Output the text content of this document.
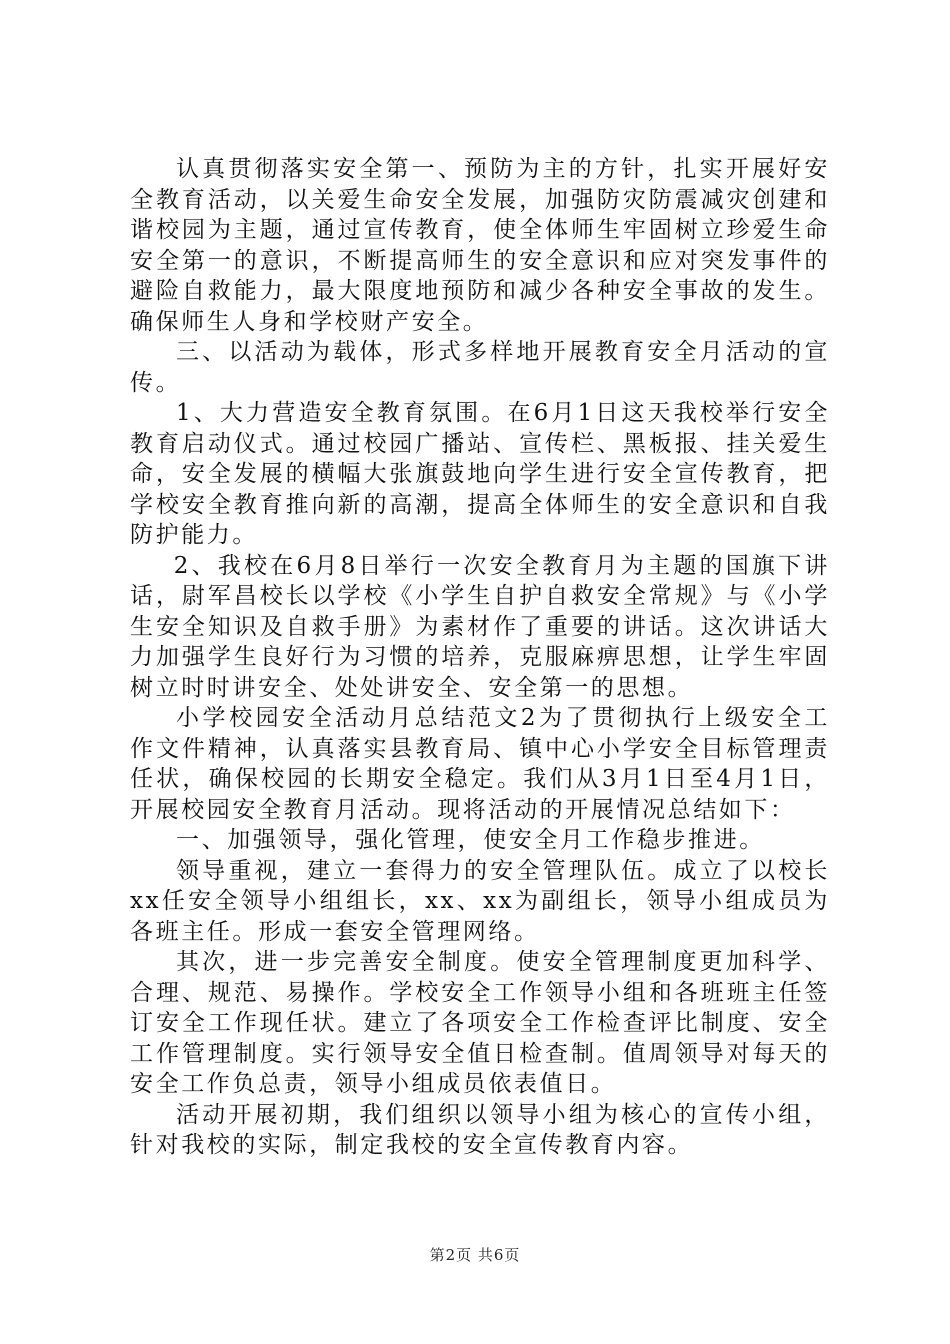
认真贯彻落实安全第一、预防为主的方针，扎实开展好安全教育活动，以关爱生命安全发展，加强防灾防震减灾创建和谐校园为主题，通过宣传教育，使全体师生牢固树立珍爱生命安全第一的意识，不断提高师生的安全意识和应对突发事件的避险自救能力，最大限度地预防和减少各种安全事故的发生。确保师生人身和学校财产安全。

三、以活动为载体，形式多样地开展教育安全月活动的宣传。

1、大力营造安全教育氛围。在6月1日这天我校举行安全教育启动仪式。通过校园广播站、宣传栏、黑板报、挂关爱生命，安全发展的横幅大张旗鼓地向学生进行安全宣传教育，把学校安全教育推向新的高潮，提高全体师生的安全意识和自我防护能力。

2、我校在6月8日举行一次安全教育月为主题的国旗下讲话，尉军昌校长以学校《小学生自护自救安全常规》与《小学生安全知识及自救手册》为素材作了重要的讲话。这次讲话大力加强学生良好行为习惯的培养，克服麻痹思想，让学生牢固树立时时讲安全、处处讲安全、安全第一的思想。

小学校园安全活动月总结范文2为了贯彻执行上级安全工作文件精神，认真落实县教育局、镇中心小学安全目标管理责任状，确保校园的长期安全稳定。我们从3月1日至4月1日，开展校园安全教育月活动。现将活动的开展情况总结如下：

一、加强领导，强化管理，使安全月工作稳步推进。

领导重视，建立一套得力的安全管理队伍。成立了以校长xx任安全领导小组组长，xx、xx为副组长，领导小组成员为各班主任。形成一套安全管理网络。

其次，进一步完善安全制度。使安全管理制度更加科学、合理、规范、易操作。学校安全工作领导小组和各班班主任签订安全工作现任状。建立了各项安全工作检查评比制度、安全工作管理制度。实行领导安全值日检查制。值周领导对每天的安全工作负总责，领导小组成员依表值日。

活动开展初期，我们组织以领导小组为核心的宣传小组，针对我校的实际，制定我校的安全宣传教育内容。

第2页 共6页
